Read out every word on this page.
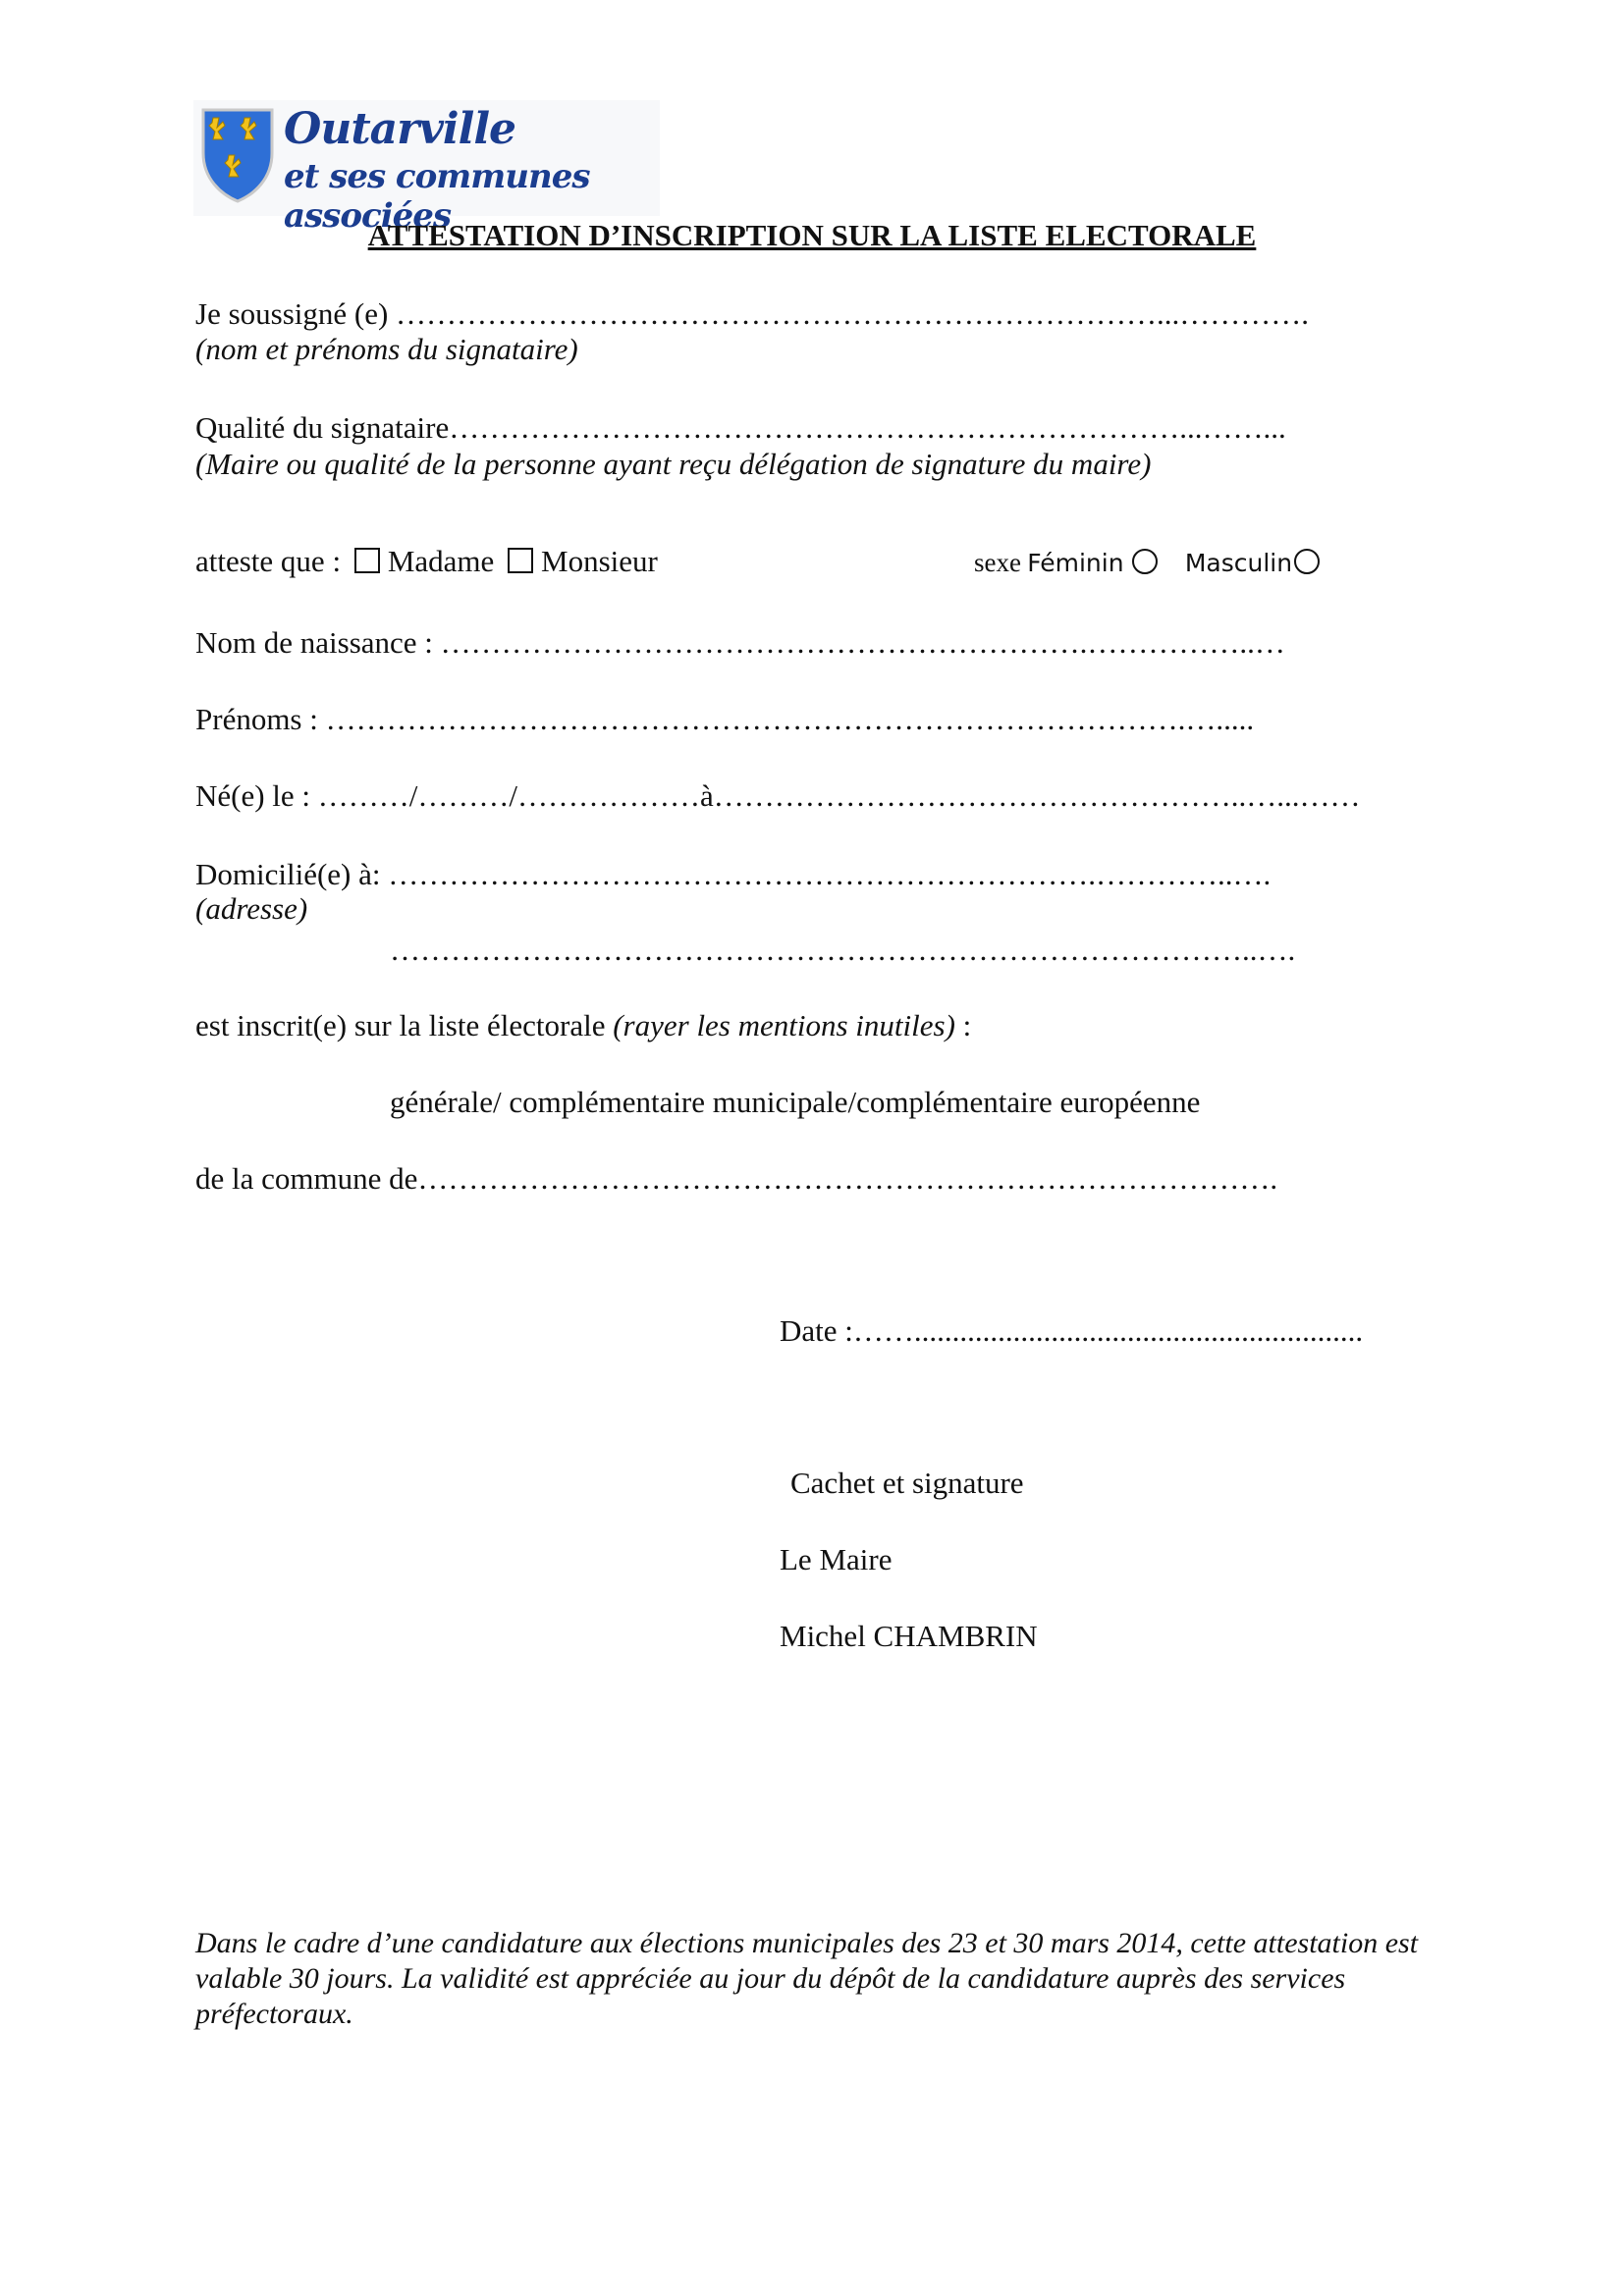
Outarville
et ses communes associées
ATTESTATION D’INSCRIPTION SUR LA LISTE ELECTORALE
Je soussigné (e) …………………………………………………………………...………….
(nom et prénoms du signataire)
Qualité du signataire………………………………………………………………...……...
(Maire ou qualité de la personne ayant reçu délégation de signature du maire)
atteste que : Madame Monsieur	sexe Féminin Masculin
Nom de naissance : ……………………………………………………….……………..…
Prénoms : ………………………………………………………………………….….....
Né(e) le : ………/………/………………à……………………………………………..…...……
Domicilié(e) à: …………………………………………………………….…………..….
(adresse)
…………………………………………………………………………..….
est inscrit(e) sur la liste électorale (rayer les mentions inutiles) :
générale/ complémentaire municipale/complémentaire européenne
de la commune de………………………………………………………………………….
Date :……...........................................................
Cachet et signature
Le Maire
Michel CHAMBRIN
Dans le cadre d’une candidature aux élections municipales des 23 et 30 mars 2014, cette attestation est valable 30 jours. La validité est appréciée au jour du dépôt de la candidature auprès des services préfectoraux.
